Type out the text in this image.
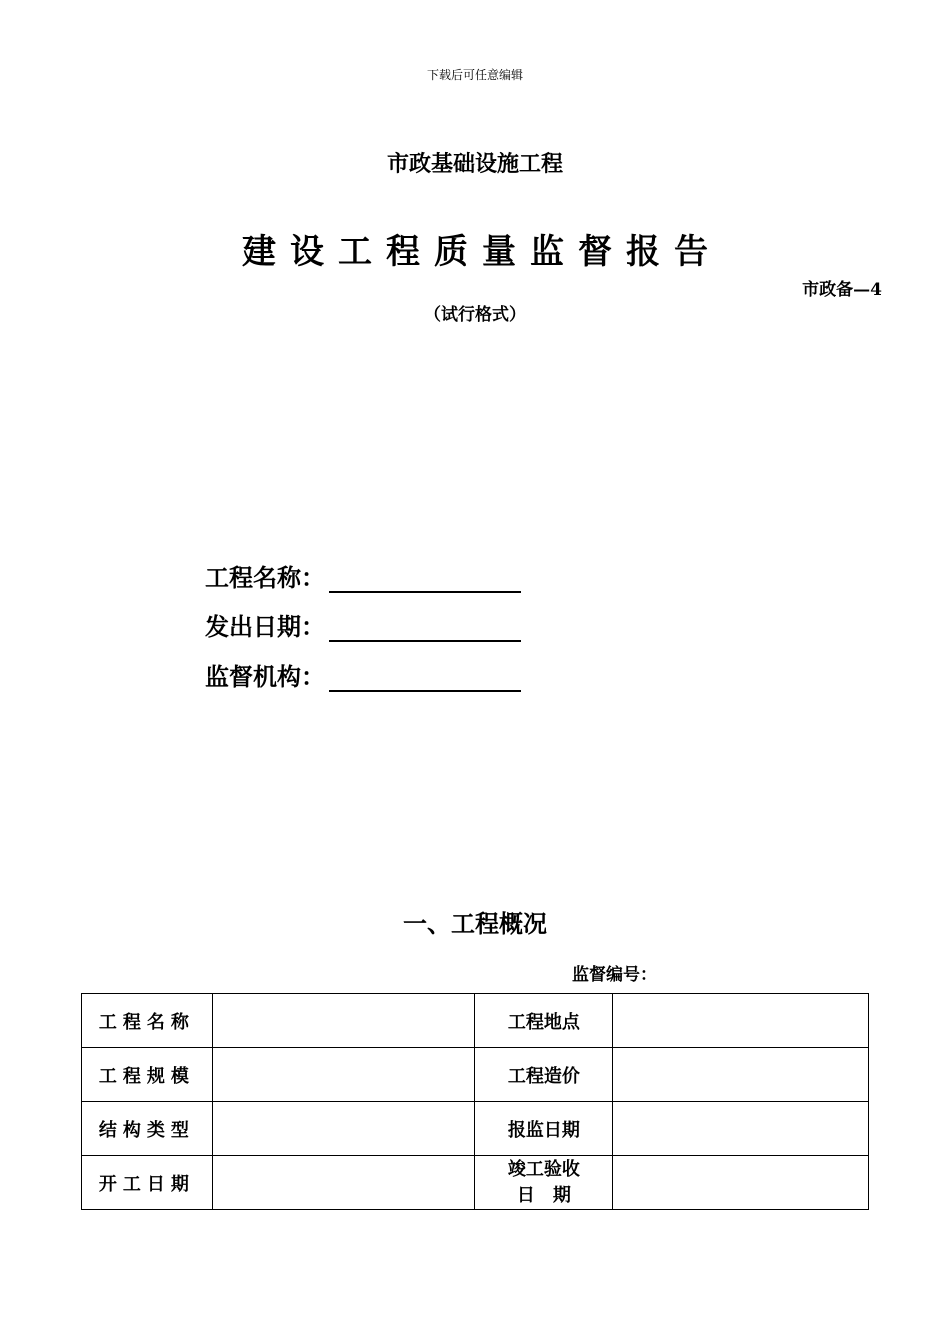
下载后可任意编辑
市政基础设施工程
建设工程质量监督报告
市政备—4
（试行格式）
工程名称：
发出日期：
监督机构：
一、工程概况
监督编号：
工程名称		工程地点	
工程规模		工程造价	
结构类型		报监日期	
开工日期		竣工验收
日　期	
